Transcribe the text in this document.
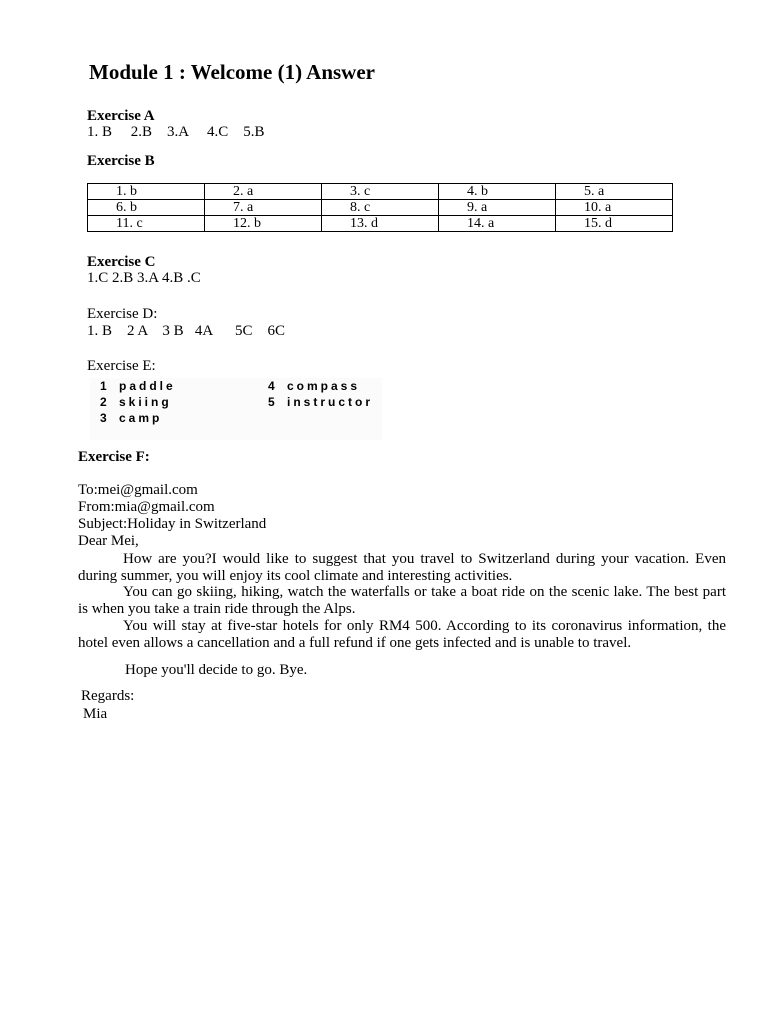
Module 1 : Welcome (1) Answer
Exercise A
1. B     2.B    3.A     4.C    5.B
Exercise B
1. b	2. a	3. c	4. b	5. a
6. b	7. a	8. c	9. a	10. a
11. c	12. b	13. d	14. a	15. d
Exercise C
1.C 2.B 3.A 4.B .C
Exercise D:
1. B    2 A    3 B   4A      5C    6C
Exercise E:
1 paddle
2 skiing
3 camp
4 compass
5 instructor
Exercise F:
To:mei@gmail.com
From:mia@gmail.com
Subject:Holiday in Switzerland
Dear Mei,
How are you?I would like to suggest that you travel to Switzerland during your vacation. Even during summer, you will enjoy its cool climate and interesting activities.
You can go skiing, hiking, watch the waterfalls or take a boat ride on the scenic lake. The best part is when you take a train ride through the Alps.
You will stay at five-star hotels for only RM4 500. According to its coronavirus information, the hotel even allows a cancellation and a full refund if one gets infected and is unable to travel.
Hope you'll decide to go. Bye.
Regards:
Mia
